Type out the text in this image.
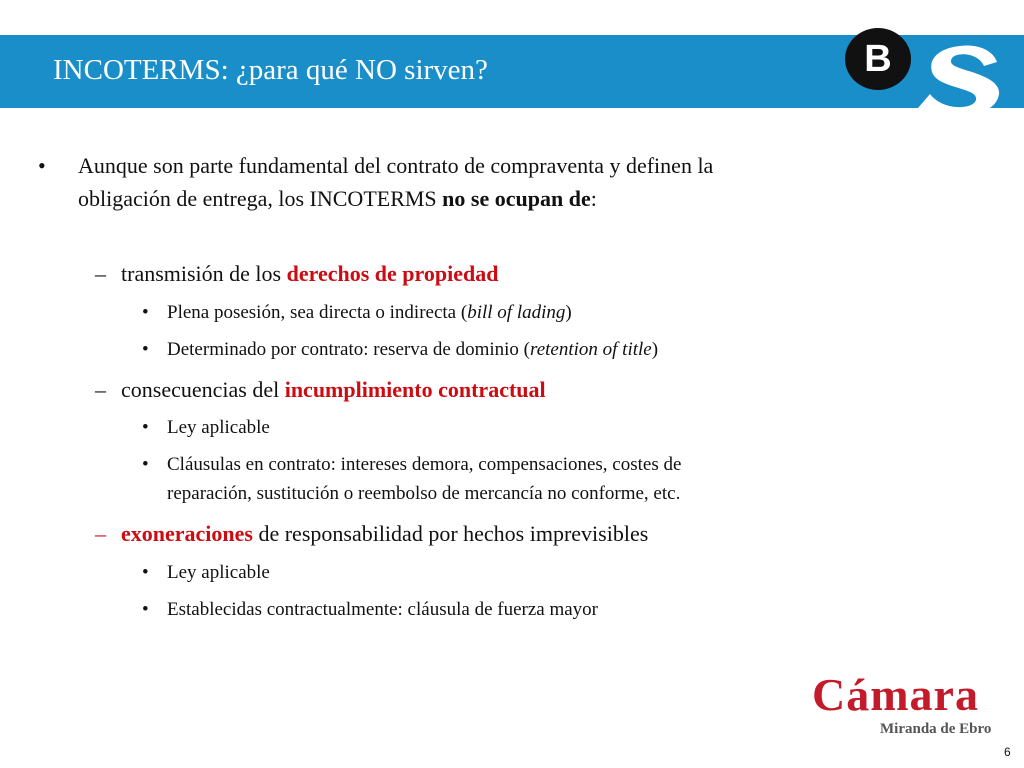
INCOTERMS: ¿para qué NO sirven?	B
• Aunque son parte fundamental del contrato de compraventa y definen la
obligación de entrega, los INCOTERMS no se ocupan de:
– transmisión de los derechos de propiedad
• Plena posesión, sea directa o indirecta (bill of lading)
• Determinado por contrato: reserva de dominio (retention of title)
– consecuencias del incumplimiento contractual
• Ley aplicable
• Cláusulas en contrato: intereses demora, compensaciones, costes de
reparación, sustitución o reembolso de mercancía no conforme, etc.
– exoneraciones de responsabilidad por hechos imprevisibles
• Ley aplicable
• Establecidas contractualmente: cláusula de fuerza mayor
Cámara
Miranda de Ebro
6
